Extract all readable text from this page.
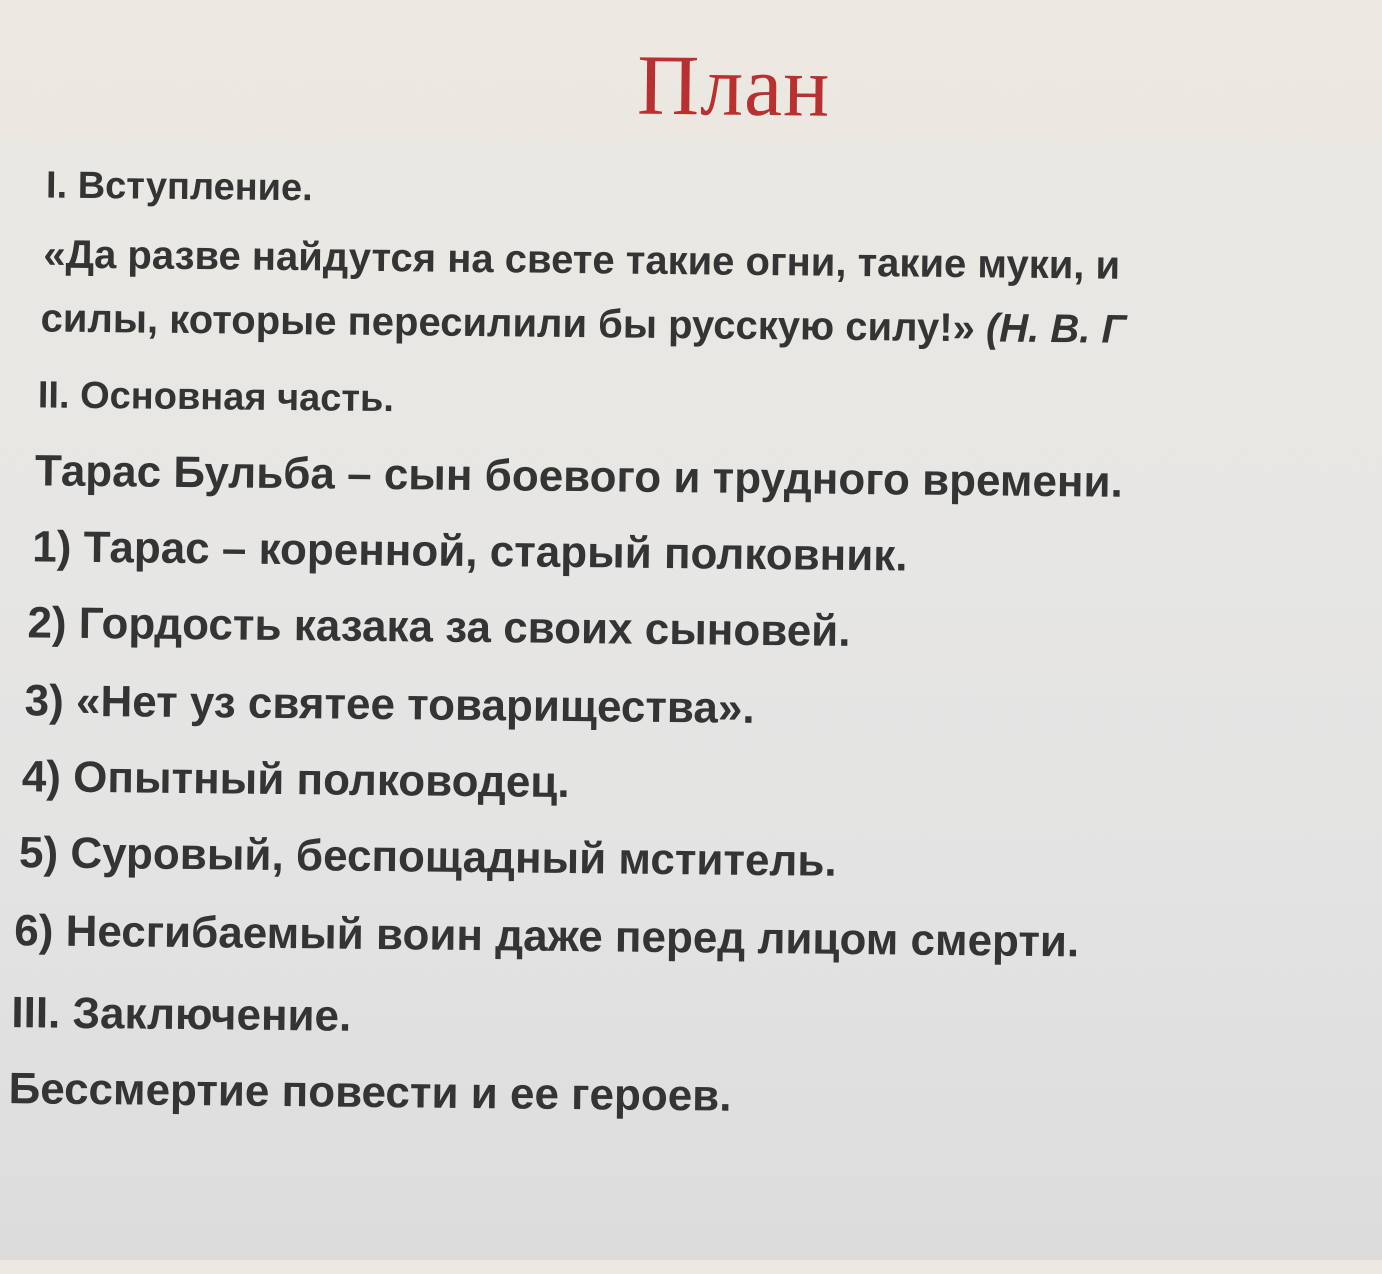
План
I. Вступление.
«Да разве найдутся на свете такие огни, такие муки, и
силы, которые пересилили бы русскую силу!» (Н. В. Г
II. Основная часть.
Тарас Бульба – сын боевого и трудного времени.
1) Тарас – коренной, старый полковник.
2) Гордость казака за своих сыновей.
3) «Нет уз святее товарищества».
4) Опытный полководец.
5) Суровый, беспощадный мститель.
6) Несгибаемый воин даже перед лицом смерти.
III. Заключение.
Бессмертие повести и ее героев.
